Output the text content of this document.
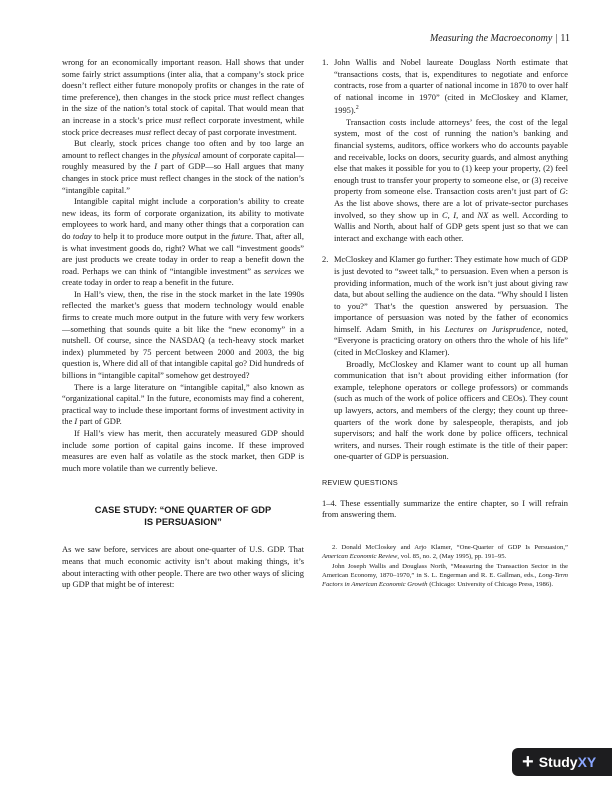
Measuring the Macroeconomy | 11

wrong for an economically important reason. Hall shows that under some fairly strict assumptions (inter alia, that a company’s stock price doesn’t reflect either future monopoly profits or changes in the rate of time preference), then changes in the stock price must reflect changes in the size of the nation’s total stock of capital. That would mean that an increase in a stock’s price must reflect corporate investment, while stock price decreases must reflect decay of past corporate investment.

But clearly, stock prices change too often and by too large an amount to reflect changes in the physical amount of corporate capital—roughly measured by the I part of GDP—so Hall argues that many changes in stock price must reflect changes in the stock of the nation’s “intangible capital.”

Intangible capital might include a corporation’s ability to create new ideas, its form of corporate organization, its ability to motivate employees to work hard, and many other things that a corporation can do today to help it to produce more output in the future. That, after all, is what investment goods do, right? What we call “investment goods” are just products we create today in order to reap a benefit down the road. Perhaps we can think of “intangible investment” as services we create today in order to reap a benefit in the future.

In Hall’s view, then, the rise in the stock market in the late 1990s reflected the market’s guess that modern technology would enable firms to create much more output in the future with very few workers—something that sounds quite a bit like the “new economy” in a nutshell. Of course, since the NASDAQ (a tech-heavy stock market index) plummeted by 75 percent between 2000 and 2003, the big question is, Where did all of that intangible capital go? Did hundreds of billions in “intangible capital” somehow get destroyed?

There is a large literature on “intangible capital,” also known as “organizational capital.” In the future, economists may find a coherent, practical way to include these important forms of investment activity in the I part of GDP.

If Hall’s view has merit, then accurately measured GDP should include some portion of capital gains income. If these improved measures are even half as volatile as the stock market, then GDP is much more volatile than we currently believe.

CASE STUDY: “ONE QUARTER OF GDP
IS PERSUASION”

As we saw before, services are about one-quarter of U.S. GDP. That means that much economic activity isn’t about making things, it’s about interacting with other people. There are two other ways of slicing up GDP that might be of interest:

1. John Wallis and Nobel laureate Douglass North estimate that “transactions costs, that is, expenditures to negotiate and enforce contracts, rose from a quarter of national income in 1870 to over half of national income in 1970” (cited in McCloskey and Klamer, 1995).$^2$

Transaction costs include attorneys’ fees, the cost of the legal system, most of the cost of running the nation’s banking and financial systems, auditors, office workers who do accounts payable and receivable, locks on doors, security guards, and almost anything else that makes it possible for you to (1) keep your property, (2) feel enough trust to transfer your property to someone else, or (3) receive property from someone else. Transaction costs aren’t just part of G: As the list above shows, there are a lot of private-sector purchases involved, so they show up in C, I, and NX as well. According to Wallis and North, about half of GDP gets spent just so that we can interact and exchange with each other.

2. McCloskey and Klamer go further: They estimate how much of GDP is just devoted to “sweet talk,” to persuasion. Even when a person is providing information, much of the work isn’t just about giving raw data, but about selling the audience on the data. “Why should I listen to you?” That’s the question answered by persuasion. The importance of persuasion was noted by the father of economics himself. Adam Smith, in his Lectures on Jurisprudence, noted, “Everyone is practicing oratory on others thro the whole of his life” (cited in McCloskey and Klamer).

Broadly, McCloskey and Klamer want to count up all human communication that isn’t about providing either information (for example, telephone operators or college professors) or commands (such as much of the work of police officers and CEOs). They count up lawyers, actors, and members of the clergy; they count up three-quarters of the work done by salespeople, therapists, and job supervisors; and half the work done by police officers, technical writers, and nurses. Their rough estimate is the title of their paper: one-quarter of GDP is persuasion.

REVIEW QUESTIONS

1–4. These essentially summarize the entire chapter, so I will refrain from answering them.

2. Donald McCloskey and Arjo Klamer, “One-Quarter of GDP Is Persuasion,” American Economic Review, vol. 85, no. 2, (May 1995), pp. 191–95.

John Joseph Wallis and Douglass North, “Measuring the Transaction Sector in the American Economy, 1870–1970,” in S. L. Engerman and R. E. Gallman, eds., Long-Term Factors in American Economic Growth (Chicago: University of Chicago Press, 1986).

+ Study XY
